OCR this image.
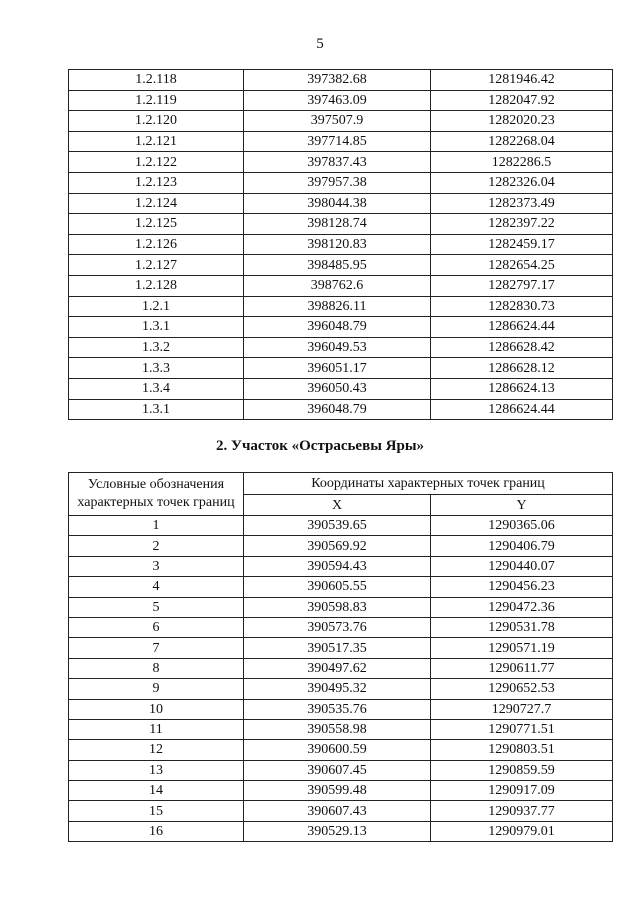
5
1.2.118	397382.68	1281946.42
1.2.119	397463.09	1282047.92
1.2.120	397507.9	1282020.23
1.2.121	397714.85	1282268.04
1.2.122	397837.43	1282286.5
1.2.123	397957.38	1282326.04
1.2.124	398044.38	1282373.49
1.2.125	398128.74	1282397.22
1.2.126	398120.83	1282459.17
1.2.127	398485.95	1282654.25
1.2.128	398762.6	1282797.17
1.2.1	398826.11	1282830.73
1.3.1	396048.79	1286624.44
1.3.2	396049.53	1286628.42
1.3.3	396051.17	1286628.12
1.3.4	396050.43	1286624.13
1.3.1	396048.79	1286624.44
2. Участок «Острасьевы Яры»
Условные обозначения характерных точек границ	Координаты характерных точек границ	
	X	Y
1	390539.65	1290365.06
2	390569.92	1290406.79
3	390594.43	1290440.07
4	390605.55	1290456.23
5	390598.83	1290472.36
6	390573.76	1290531.78
7	390517.35	1290571.19
8	390497.62	1290611.77
9	390495.32	1290652.53
10	390535.76	1290727.7
11	390558.98	1290771.51
12	390600.59	1290803.51
13	390607.45	1290859.59
14	390599.48	1290917.09
15	390607.43	1290937.77
16	390529.13	1290979.01
